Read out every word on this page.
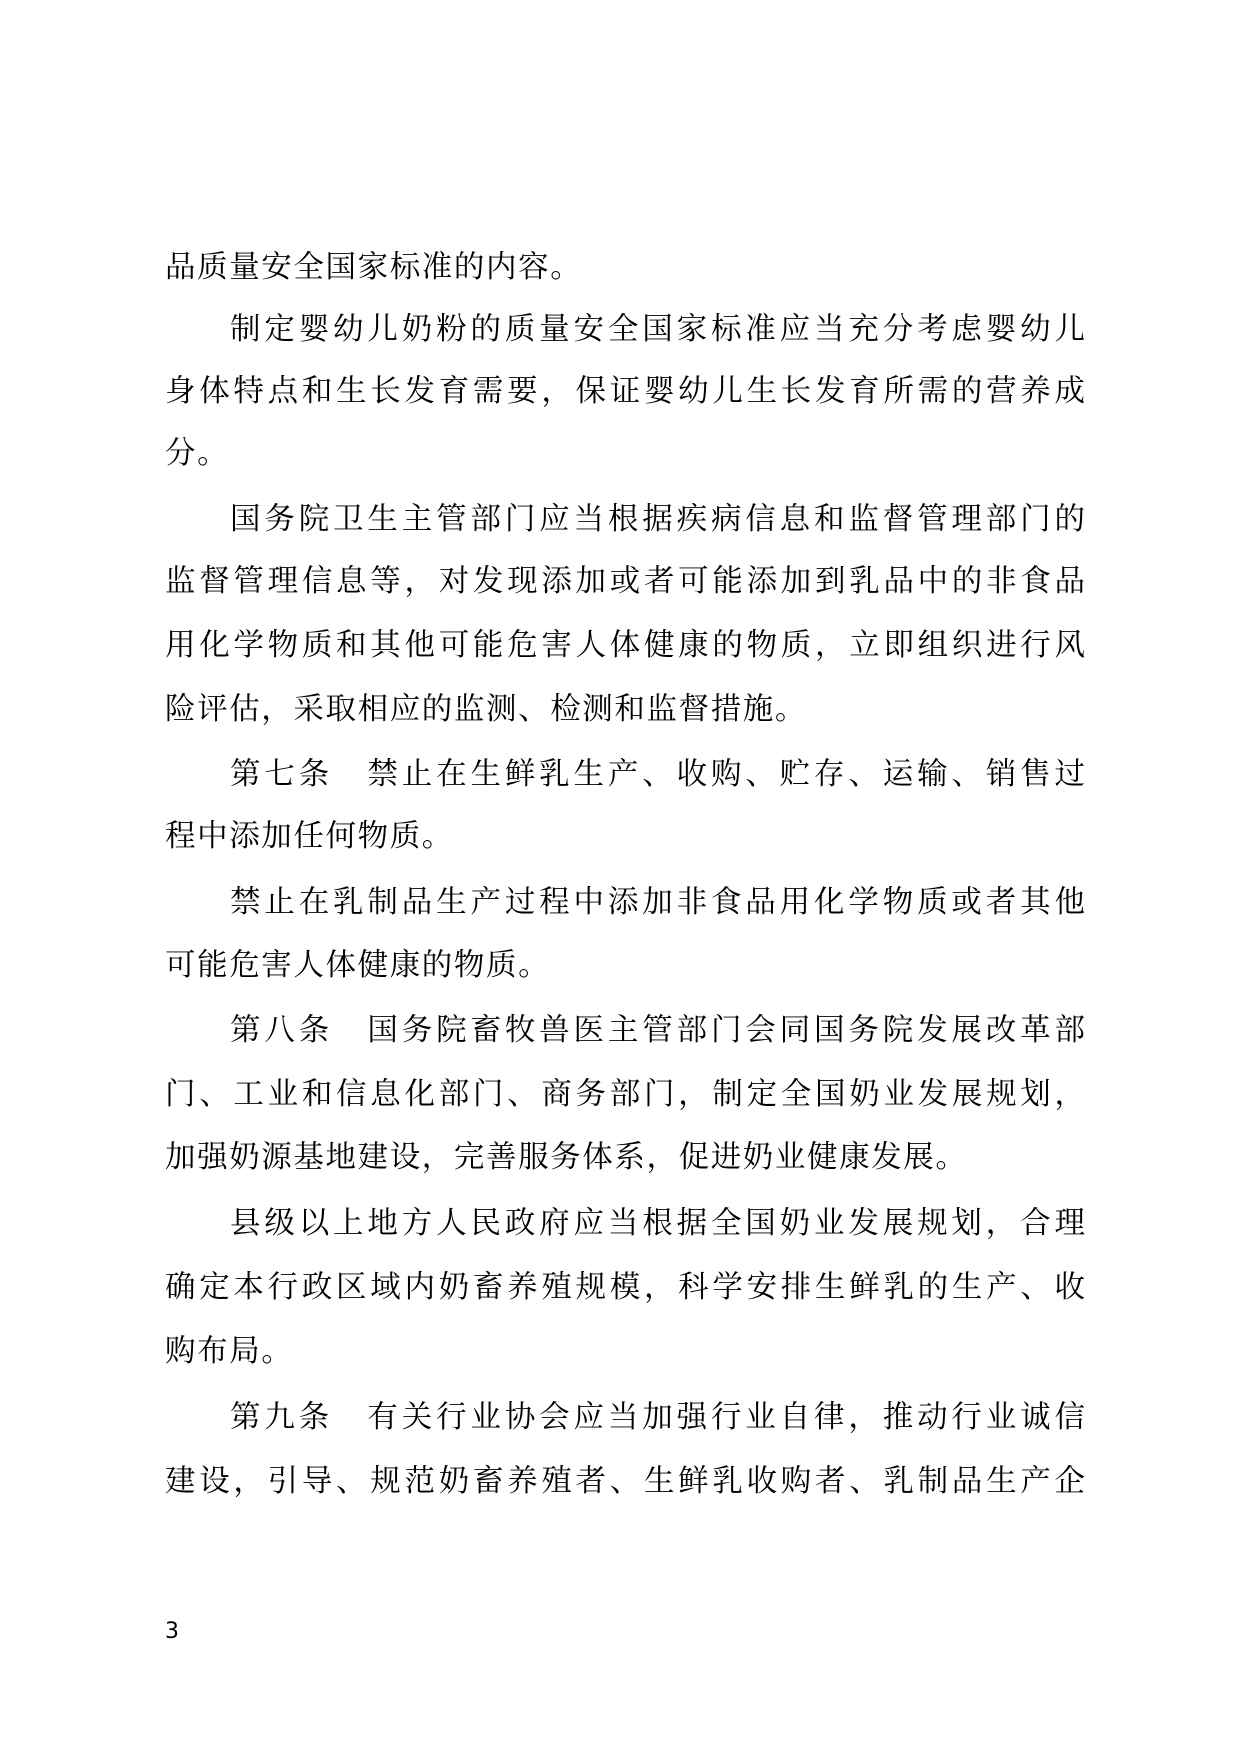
品质量安全国家标准的内容。
制定婴幼儿奶粉的质量安全国家标准应当充分考虑婴幼儿
身体特点和生长发育需要，保证婴幼儿生长发育所需的营养成
分。
国务院卫生主管部门应当根据疾病信息和监督管理部门的
监督管理信息等，对发现添加或者可能添加到乳品中的非食品
用化学物质和其他可能危害人体健康的物质，立即组织进行风
险评估，采取相应的监测、检测和监督措施。
第七条　禁止在生鲜乳生产、收购、贮存、运输、销售过
程中添加任何物质。
禁止在乳制品生产过程中添加非食品用化学物质或者其他
可能危害人体健康的物质。
第八条　国务院畜牧兽医主管部门会同国务院发展改革部
门、工业和信息化部门、商务部门，制定全国奶业发展规划，
加强奶源基地建设，完善服务体系，促进奶业健康发展。
县级以上地方人民政府应当根据全国奶业发展规划，合理
确定本行政区域内奶畜养殖规模，科学安排生鲜乳的生产、收
购布局。
第九条　有关行业协会应当加强行业自律，推动行业诚信
建设，引导、规范奶畜养殖者、生鲜乳收购者、乳制品生产企
3
